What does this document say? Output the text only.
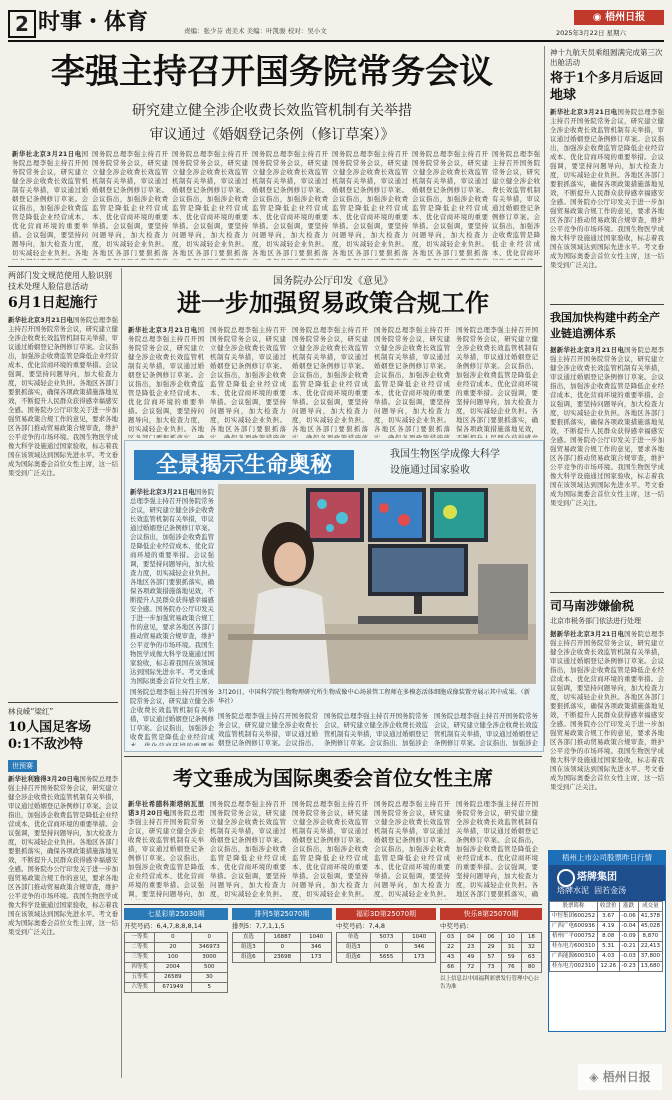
2 时事・体育	责编：张少芬 责美术 美编：叶凯骏 校对：吴小文
◉ 梧州日报
2025年3月22日 星期六
李强主持召开国务院常务会议
研究建立健全涉企收费长效监管机制有关举措
审议通过《婚姻登记条例（修订草案）》
新华社北京3月21日电 国务院总理李强主持召开国务院常务会议，研究建立健全涉企收费长效监管机制有关举措，审议通过婚姻登记条例修订草案。会议指出，加强涉企收费监管是降低企业经营成本、优化营商环境的重要举措。会议强调，要坚持问题导向，加大检查力度，切实减轻企业负担。各地区各部门要狠抓落实，确保各项政策措施落地见效，不断提升人民群众获得感幸福感安全感。国务院办公厅印发关于进一步加强贸易政策合规工作的意见，要求各地区各部门推动贸易政策合规审查，维护公平竞争的市场环境。我国生物医学成像大科学设施通过国家验收，标志着我国在该领域达到国际先进水平。考文垂成为国际奥委会首位女性主席，这一结果受到广泛关注。
国务院总理李强主持召开国务院常务会议，研究建立健全涉企收费长效监管机制有关举措，审议通过婚姻登记条例修订草案。会议指出，加强涉企收费监管是降低企业经营成本、优化营商环境的重要举措。会议强调，要坚持问题导向，加大检查力度，切实减轻企业负担。各地区各部门要狠抓落实，确保各项政策措施落地见效，不断提升人民群众获得感幸福感安全感。国务院办公厅印发关于进一步加强贸易政策合规工作的意见，要求各地区各部门推动贸易政策合规审查，维护公平竞争的市场环境。我国生物医学成像大科学设施通过国家验收，标志着我国在该领域达到国际先进水平。考文垂成为国际奥委会首位女性主席，这一结果受到广泛关注。
国务院总理李强主持召开国务院常务会议，研究建立健全涉企收费长效监管机制有关举措，审议通过婚姻登记条例修订草案。会议指出，加强涉企收费监管是降低企业经营成本、优化营商环境的重要举措。会议强调，要坚持问题导向，加大检查力度，切实减轻企业负担。各地区各部门要狠抓落实，确保各项政策措施落地见效，不断提升人民群众获得感幸福感安全感。国务院办公厅印发关于进一步加强贸易政策合规工作的意见，要求各地区各部门推动贸易政策合规审查，维护公平竞争的市场环境。我国生物医学成像大科学设施通过国家验收，标志着我国在该领域达到国际先进水平。考文垂成为国际奥委会首位女性主席，这一结果受到广泛关注。
国务院总理李强主持召开国务院常务会议，研究建立健全涉企收费长效监管机制有关举措，审议通过婚姻登记条例修订草案。会议指出，加强涉企收费监管是降低企业经营成本、优化营商环境的重要举措。会议强调，要坚持问题导向，加大检查力度，切实减轻企业负担。各地区各部门要狠抓落实，确保各项政策措施落地见效，不断提升人民群众获得感幸福感安全感。国务院办公厅印发关于进一步加强贸易政策合规工作的意见，要求各地区各部门推动贸易政策合规审查，维护公平竞争的市场环境。我国生物医学成像大科学设施通过国家验收，标志着我国在该领域达到国际先进水平。考文垂成为国际奥委会首位女性主席，这一结果受到广泛关注。
国务院总理李强主持召开国务院常务会议，研究建立健全涉企收费长效监管机制有关举措，审议通过婚姻登记条例修订草案。会议指出，加强涉企收费监管是降低企业经营成本、优化营商环境的重要举措。会议强调，要坚持问题导向，加大检查力度，切实减轻企业负担。各地区各部门要狠抓落实，确保各项政策措施落地见效，不断提升人民群众获得感幸福感安全感。国务院办公厅印发关于进一步加强贸易政策合规工作的意见，要求各地区各部门推动贸易政策合规审查，维护公平竞争的市场环境。我国生物医学成像大科学设施通过国家验收，标志着我国在该领域达到国际先进水平。考文垂成为国际奥委会首位女性主席，这一结果受到广泛关注。
国务院总理李强主持召开国务院常务会议，研究建立健全涉企收费长效监管机制有关举措，审议通过婚姻登记条例修订草案。会议指出，加强涉企收费监管是降低企业经营成本、优化营商环境的重要举措。会议强调，要坚持问题导向，加大检查力度，切实减轻企业负担。各地区各部门要狠抓落实，确保各项政策措施落地见效，不断提升人民群众获得感幸福感安全感。国务院办公厅印发关于进一步加强贸易政策合规工作的意见，要求各地区各部门推动贸易政策合规审查，维护公平竞争的市场环境。我国生物医学成像大科学设施通过国家验收，标志着我国在该领域达到国际先进水平。考文垂成为国际奥委会首位女性主席，这一结果受到广泛关注。
国务院总理李强主持召开国务院常务会议，研究建立健全涉企收费长效监管机制有关举措，审议通过婚姻登记条例修订草案。会议指出，加强涉企收费监管是降低企业经营成本、优化营商环境的重要举措。会议强调，要坚持问题导向，加大检查力度，切实减轻企业负担。各地区各部门要狠抓落实，确保各项政策措施落地见效，不断提升人民群众获得感幸福感安全感。国务院办公厅印发关于进一步加强贸易政策合规工作的意见，要求各地区各部门推动贸易政策合规审查，维护公平竞争的市场环境。我国生物医学成像大科学设施通过国家验收，标志着我国在该领域达到国际先进水平。考文垂成为国际奥委会首位女性主席，这一结果受到广泛关注。
神十九航天员乘组圆满完成第三次出舱活动
将于1个多月后返回地球
新华社北京3月21日电 国务院总理李强主持召开国务院常务会议，研究建立健全涉企收费长效监管机制有关举措，审议通过婚姻登记条例修订草案。会议指出，加强涉企收费监管是降低企业经营成本、优化营商环境的重要举措。会议强调，要坚持问题导向，加大检查力度，切实减轻企业负担。各地区各部门要狠抓落实，确保各项政策措施落地见效，不断提升人民群众获得感幸福感安全感。国务院办公厅印发关于进一步加强贸易政策合规工作的意见，要求各地区各部门推动贸易政策合规审查，维护公平竞争的市场环境。我国生物医学成像大科学设施通过国家验收，标志着我国在该领域达到国际先进水平。考文垂成为国际奥委会首位女性主席，这一结果受到广泛关注。
我国加快构建中药全产业链追溯体系
据新华社北京3月21日电 国务院总理李强主持召开国务院常务会议，研究建立健全涉企收费长效监管机制有关举措，审议通过婚姻登记条例修订草案。会议指出，加强涉企收费监管是降低企业经营成本、优化营商环境的重要举措。会议强调，要坚持问题导向，加大检查力度，切实减轻企业负担。各地区各部门要狠抓落实，确保各项政策措施落地见效，不断提升人民群众获得感幸福感安全感。国务院办公厅印发关于进一步加强贸易政策合规工作的意见，要求各地区各部门推动贸易政策合规审查，维护公平竞争的市场环境。我国生物医学成像大科学设施通过国家验收，标志着我国在该领域达到国际先进水平。考文垂成为国际奥委会首位女性主席，这一结果受到广泛关注。
司马南涉嫌偷税
北京市税务部门依法进行处理
据新华社北京3月21日电 国务院总理李强主持召开国务院常务会议，研究建立健全涉企收费长效监管机制有关举措，审议通过婚姻登记条例修订草案。会议指出，加强涉企收费监管是降低企业经营成本、优化营商环境的重要举措。会议强调，要坚持问题导向，加大检查力度，切实减轻企业负担。各地区各部门要狠抓落实，确保各项政策措施落地见效，不断提升人民群众获得感幸福感安全感。国务院办公厅印发关于进一步加强贸易政策合规工作的意见，要求各地区各部门推动贸易政策合规审查，维护公平竞争的市场环境。我国生物医学成像大科学设施通过国家验收，标志着我国在该领域达到国际先进水平。考文垂成为国际奥委会首位女性主席，这一结果受到广泛关注。
两部门发文规范使用人脸识别技术处理人脸信息活动
6月1日起施行
新华社北京3月21日电 国务院总理李强主持召开国务院常务会议，研究建立健全涉企收费长效监管机制有关举措，审议通过婚姻登记条例修订草案。会议指出，加强涉企收费监管是降低企业经营成本、优化营商环境的重要举措。会议强调，要坚持问题导向，加大检查力度，切实减轻企业负担。各地区各部门要狠抓落实，确保各项政策措施落地见效，不断提升人民群众获得感幸福感安全感。国务院办公厅印发关于进一步加强贸易政策合规工作的意见，要求各地区各部门推动贸易政策合规审查，维护公平竞争的市场环境。我国生物医学成像大科学设施通过国家验收，标志着我国在该领域达到国际先进水平。考文垂成为国际奥委会首位女性主席，这一结果受到广泛关注。
林良嵘“梁红”
10人国足客场
0:1不敌沙特
世预赛
新华社利雅得3月20日电 国务院总理李强主持召开国务院常务会议，研究建立健全涉企收费长效监管机制有关举措，审议通过婚姻登记条例修订草案。会议指出，加强涉企收费监管是降低企业经营成本、优化营商环境的重要举措。会议强调，要坚持问题导向，加大检查力度，切实减轻企业负担。各地区各部门要狠抓落实，确保各项政策措施落地见效，不断提升人民群众获得感幸福感安全感。国务院办公厅印发关于进一步加强贸易政策合规工作的意见，要求各地区各部门推动贸易政策合规审查，维护公平竞争的市场环境。我国生物医学成像大科学设施通过国家验收，标志着我国在该领域达到国际先进水平。考文垂成为国际奥委会首位女性主席，这一结果受到广泛关注。
国务院办公厅印发《意见》
进一步加强贸易政策合规工作
新华社北京3月21日电 国务院总理李强主持召开国务院常务会议，研究建立健全涉企收费长效监管机制有关举措，审议通过婚姻登记条例修订草案。会议指出，加强涉企收费监管是降低企业经营成本、优化营商环境的重要举措。会议强调，要坚持问题导向，加大检查力度，切实减轻企业负担。各地区各部门要狠抓落实，确保各项政策措施落地见效，不断提升人民群众获得感幸福感安全感。国务院办公厅印发关于进一步加强贸易政策合规工作的意见，要求各地区各部门推动贸易政策合规审查，维护公平竞争的市场环境。我国生物医学成像大科学设施通过国家验收，标志着我国在该领域达到国际先进水平。考文垂成为国际奥委会首位女性主席，这一结果受到广泛关注。
国务院总理李强主持召开国务院常务会议，研究建立健全涉企收费长效监管机制有关举措，审议通过婚姻登记条例修订草案。会议指出，加强涉企收费监管是降低企业经营成本、优化营商环境的重要举措。会议强调，要坚持问题导向，加大检查力度，切实减轻企业负担。各地区各部门要狠抓落实，确保各项政策措施落地见效，不断提升人民群众获得感幸福感安全感。国务院办公厅印发关于进一步加强贸易政策合规工作的意见，要求各地区各部门推动贸易政策合规审查，维护公平竞争的市场环境。我国生物医学成像大科学设施通过国家验收，标志着我国在该领域达到国际先进水平。考文垂成为国际奥委会首位女性主席，这一结果受到广泛关注。
国务院总理李强主持召开国务院常务会议，研究建立健全涉企收费长效监管机制有关举措，审议通过婚姻登记条例修订草案。会议指出，加强涉企收费监管是降低企业经营成本、优化营商环境的重要举措。会议强调，要坚持问题导向，加大检查力度，切实减轻企业负担。各地区各部门要狠抓落实，确保各项政策措施落地见效，不断提升人民群众获得感幸福感安全感。国务院办公厅印发关于进一步加强贸易政策合规工作的意见，要求各地区各部门推动贸易政策合规审查，维护公平竞争的市场环境。我国生物医学成像大科学设施通过国家验收，标志着我国在该领域达到国际先进水平。考文垂成为国际奥委会首位女性主席，这一结果受到广泛关注。
国务院总理李强主持召开国务院常务会议，研究建立健全涉企收费长效监管机制有关举措，审议通过婚姻登记条例修订草案。会议指出，加强涉企收费监管是降低企业经营成本、优化营商环境的重要举措。会议强调，要坚持问题导向，加大检查力度，切实减轻企业负担。各地区各部门要狠抓落实，确保各项政策措施落地见效，不断提升人民群众获得感幸福感安全感。国务院办公厅印发关于进一步加强贸易政策合规工作的意见，要求各地区各部门推动贸易政策合规审查，维护公平竞争的市场环境。我国生物医学成像大科学设施通过国家验收，标志着我国在该领域达到国际先进水平。考文垂成为国际奥委会首位女性主席，这一结果受到广泛关注。
国务院总理李强主持召开国务院常务会议，研究建立健全涉企收费长效监管机制有关举措，审议通过婚姻登记条例修订草案。会议指出，加强涉企收费监管是降低企业经营成本、优化营商环境的重要举措。会议强调，要坚持问题导向，加大检查力度，切实减轻企业负担。各地区各部门要狠抓落实，确保各项政策措施落地见效，不断提升人民群众获得感幸福感安全感。国务院办公厅印发关于进一步加强贸易政策合规工作的意见，要求各地区各部门推动贸易政策合规审查，维护公平竞争的市场环境。我国生物医学成像大科学设施通过国家验收，标志着我国在该领域达到国际先进水平。考文垂成为国际奥委会首位女性主席，这一结果受到广泛关注。
全景揭示生命奥秘	我国生物医学成像大科学
设施通过国家验收
新华社北京3月21日电 国务院总理李强主持召开国务院常务会议，研究建立健全涉企收费长效监管机制有关举措，审议通过婚姻登记条例修订草案。会议指出，加强涉企收费监管是降低企业经营成本、优化营商环境的重要举措。会议强调，要坚持问题导向，加大检查力度，切实减轻企业负担。各地区各部门要狠抓落实，确保各项政策措施落地见效，不断提升人民群众获得感幸福感安全感。国务院办公厅印发关于进一步加强贸易政策合规工作的意见，要求各地区各部门推动贸易政策合规审查，维护公平竞争的市场环境。我国生物医学成像大科学设施通过国家验收，标志着我国在该领域达到国际先进水平。考文垂成为国际奥委会首位女性主席，这一结果受到广泛关注。
3月20日，中国科学院生物物理研究所生物成像中心场景管工程师在多模态活体细胞成像装置旁展示其中成果。（新华社）
国务院总理李强主持召开国务院常务会议，研究建立健全涉企收费长效监管机制有关举措，审议通过婚姻登记条例修订草案。会议指出，加强涉企收费监管是降低企业经营成本、优化营商环境的重要举措。会议强调，要坚持问题导向，加大检查力度，切实减轻企业负担。各地区各部门要狠抓落实，确保各项政策措施落地见效，不断提升人民群众获得感幸福感安全感。国务院办公厅印发关于进一步加强贸易政策合规工作的意见，要求各地区各部门推动贸易政策合规审查，维护公平竞争的市场环境。我国生物医学成像大科学设施通过国家验收，标志着我国在该领域达到国际先进水平。考文垂成为国际奥委会首位女性主席，这一结果受到广泛关注。
国务院总理李强主持召开国务院常务会议，研究建立健全涉企收费长效监管机制有关举措，审议通过婚姻登记条例修订草案。会议指出，加强涉企收费监管是降低企业经营成本、优化营商环境的重要举措。会议强调，要坚持问题导向，加大检查力度，切实减轻企业负担。各地区各部门要狠抓落实，确保各项政策措施落地见效，不断提升人民群众获得感幸福感安全感。国务院办公厅印发关于进一步加强贸易政策合规工作的意见，要求各地区各部门推动贸易政策合规审查，维护公平竞争的市场环境。我国生物医学成像大科学设施通过国家验收，标志着我国在该领域达到国际先进水平。考文垂成为国际奥委会首位女性主席，这一结果受到广泛关注。
国务院总理李强主持召开国务院常务会议，研究建立健全涉企收费长效监管机制有关举措，审议通过婚姻登记条例修订草案。会议指出，加强涉企收费监管是降低企业经营成本、优化营商环境的重要举措。会议强调，要坚持问题导向，加大检查力度，切实减轻企业负担。各地区各部门要狠抓落实，确保各项政策措施落地见效，不断提升人民群众获得感幸福感安全感。国务院办公厅印发关于进一步加强贸易政策合规工作的意见，要求各地区各部门推动贸易政策合规审查，维护公平竞争的市场环境。我国生物医学成像大科学设施通过国家验收，标志着我国在该领域达到国际先进水平。考文垂成为国际奥委会首位女性主席，这一结果受到广泛关注。
国务院总理李强主持召开国务院常务会议，研究建立健全涉企收费长效监管机制有关举措，审议通过婚姻登记条例修订草案。会议指出，加强涉企收费监管是降低企业经营成本、优化营商环境的重要举措。会议强调，要坚持问题导向，加大检查力度，切实减轻企业负担。各地区各部门要狠抓落实，确保各项政策措施落地见效，不断提升人民群众获得感幸福感安全感。国务院办公厅印发关于进一步加强贸易政策合规工作的意见，要求各地区各部门推动贸易政策合规审查，维护公平竞争的市场环境。我国生物医学成像大科学设施通过国家验收，标志着我国在该领域达到国际先进水平。考文垂成为国际奥委会首位女性主席，这一结果受到广泛关注。
考文垂成为国际奥委会首位女性主席
新华社希腊科斯塔纳瓦里诺3月20日电 国务院总理李强主持召开国务院常务会议，研究建立健全涉企收费长效监管机制有关举措，审议通过婚姻登记条例修订草案。会议指出，加强涉企收费监管是降低企业经营成本、优化营商环境的重要举措。会议强调，要坚持问题导向，加大检查力度，切实减轻企业负担。各地区各部门要狠抓落实，确保各项政策措施落地见效，不断提升人民群众获得感幸福感安全感。国务院办公厅印发关于进一步加强贸易政策合规工作的意见，要求各地区各部门推动贸易政策合规审查，维护公平竞争的市场环境。我国生物医学成像大科学设施通过国家验收，标志着我国在该领域达到国际先进水平。考文垂成为国际奥委会首位女性主席，这一结果受到广泛关注。
国务院总理李强主持召开国务院常务会议，研究建立健全涉企收费长效监管机制有关举措，审议通过婚姻登记条例修订草案。会议指出，加强涉企收费监管是降低企业经营成本、优化营商环境的重要举措。会议强调，要坚持问题导向，加大检查力度，切实减轻企业负担。各地区各部门要狠抓落实，确保各项政策措施落地见效，不断提升人民群众获得感幸福感安全感。国务院办公厅印发关于进一步加强贸易政策合规工作的意见，要求各地区各部门推动贸易政策合规审查，维护公平竞争的市场环境。我国生物医学成像大科学设施通过国家验收，标志着我国在该领域达到国际先进水平。考文垂成为国际奥委会首位女性主席，这一结果受到广泛关注。
国务院总理李强主持召开国务院常务会议，研究建立健全涉企收费长效监管机制有关举措，审议通过婚姻登记条例修订草案。会议指出，加强涉企收费监管是降低企业经营成本、优化营商环境的重要举措。会议强调，要坚持问题导向，加大检查力度，切实减轻企业负担。各地区各部门要狠抓落实，确保各项政策措施落地见效，不断提升人民群众获得感幸福感安全感。国务院办公厅印发关于进一步加强贸易政策合规工作的意见，要求各地区各部门推动贸易政策合规审查，维护公平竞争的市场环境。我国生物医学成像大科学设施通过国家验收，标志着我国在该领域达到国际先进水平。考文垂成为国际奥委会首位女性主席，这一结果受到广泛关注。
国务院总理李强主持召开国务院常务会议，研究建立健全涉企收费长效监管机制有关举措，审议通过婚姻登记条例修订草案。会议指出，加强涉企收费监管是降低企业经营成本、优化营商环境的重要举措。会议强调，要坚持问题导向，加大检查力度，切实减轻企业负担。各地区各部门要狠抓落实，确保各项政策措施落地见效，不断提升人民群众获得感幸福感安全感。国务院办公厅印发关于进一步加强贸易政策合规工作的意见，要求各地区各部门推动贸易政策合规审查，维护公平竞争的市场环境。我国生物医学成像大科学设施通过国家验收，标志着我国在该领域达到国际先进水平。考文垂成为国际奥委会首位女性主席，这一结果受到广泛关注。
国务院总理李强主持召开国务院常务会议，研究建立健全涉企收费长效监管机制有关举措，审议通过婚姻登记条例修订草案。会议指出，加强涉企收费监管是降低企业经营成本、优化营商环境的重要举措。会议强调，要坚持问题导向，加大检查力度，切实减轻企业负担。各地区各部门要狠抓落实，确保各项政策措施落地见效，不断提升人民群众获得感幸福感安全感。国务院办公厅印发关于进一步加强贸易政策合规工作的意见，要求各地区各部门推动贸易政策合规审查，维护公平竞争的市场环境。我国生物医学成像大科学设施通过国家验收，标志着我国在该领域达到国际先进水平。考文垂成为国际奥委会首位女性主席，这一结果受到广泛关注。
梧州上市公司股票昨日行情
塔牌集团
塔牌水泥 固若金汤
股票简称	收盘价	涨跌	成交量
中恒集团600252	3.67	-0.06	41,378
广西广电600936	4.19	-0.04	45,028
梧州广平000752	8.08	-0.09	8,870
桂东电力600310	5.31	-0.21	22,413
广西能源600310	4.03	-0.03	37,800
桂东电力002310	12.26	-0.23	13,680
七星彩第25030期
开奖号码：6,4,7,8,8,8,14
一等奖	0	0
二等奖	20	346973
三等奖	100	3000
四等奖	2004	500
五等奖	26589	30
六等奖	671949	5
排列5第25070期
排列5：7,7,1,1,5
直选	16887	1040
组选3	0	346
组选6	23698	173
福彩3D第25070期
中奖号码：7,4,8
单选	5073	1040
组选3	0	346
组选6	5655	173
快乐8第25070期
中奖号码：
03	04	06	10	18
22	23	29	31	32
43	49	57	59	63
66	72	73	76	80
以上信息以中国福利彩票发行管理中心公告为准
◈ 梧州日报
